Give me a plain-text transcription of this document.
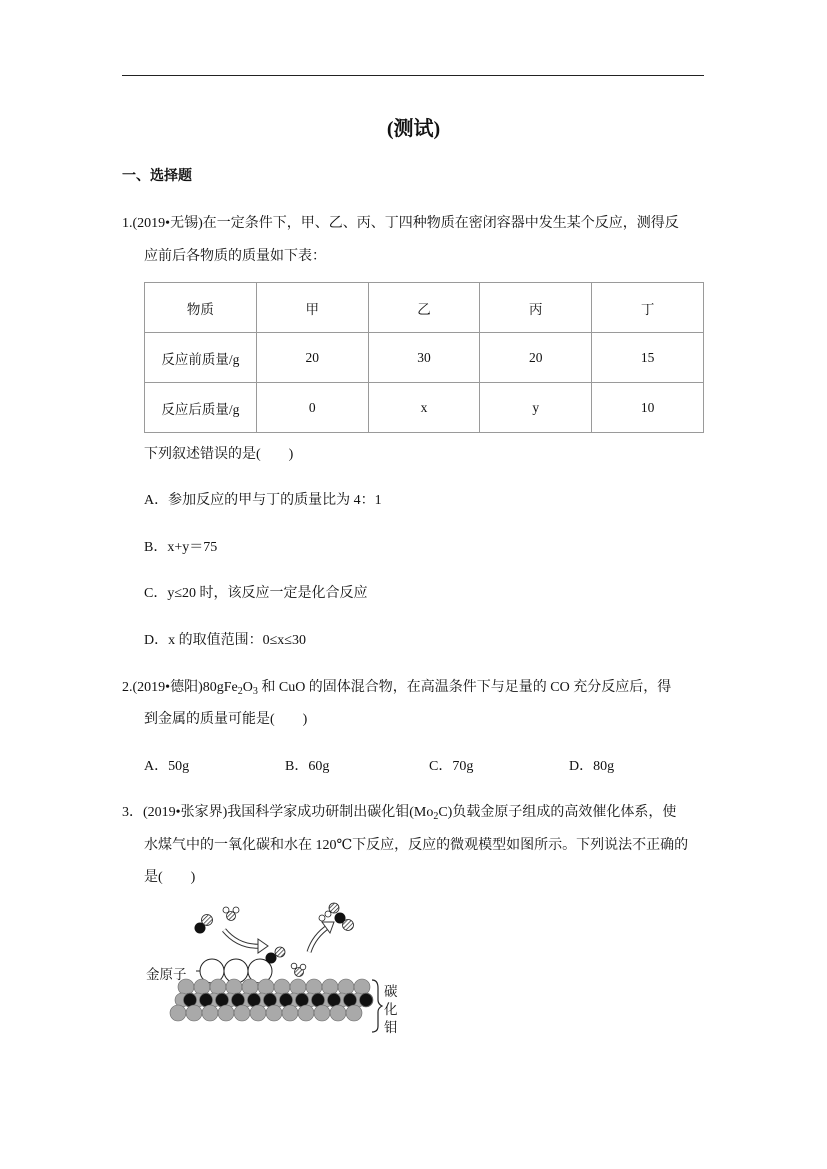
(测试)
一、选择题
1.(2019•无锡)在一定条件下，甲、乙、丙、丁四种物质在密闭容器中发生某个反应，测得反
应前后各物质的质量如下表：
物质	甲	乙	丙	丁
反应前质量/g	20	30	20	15
反应后质量/g	0	x	y	10
下列叙述错误的是(　　)
A．参加反应的甲与丁的质量比为 4：1
B．x+y＝75
C．y≤20 时，该反应一定是化合反应
D．x 的取值范围：0≤x≤30
2.(2019•德阳)$80gFe_2O_3$ 和 CuO 的固体混合物，在高温条件下与足量的 CO 充分反应后，得
到金属的质量可能是(　　)
A．50g	B．60g	C．70g	D．80g
3．(2019•张家界)我国科学家成功研制出碳化钼$(Mo_2C)$负载金原子组成的高效催化体系，使
水煤气中的一氧化碳和水在 120℃下反应，反应的微观模型如图所示。下列说法不正确的
是(　　)
金原子
碳
化
钼
